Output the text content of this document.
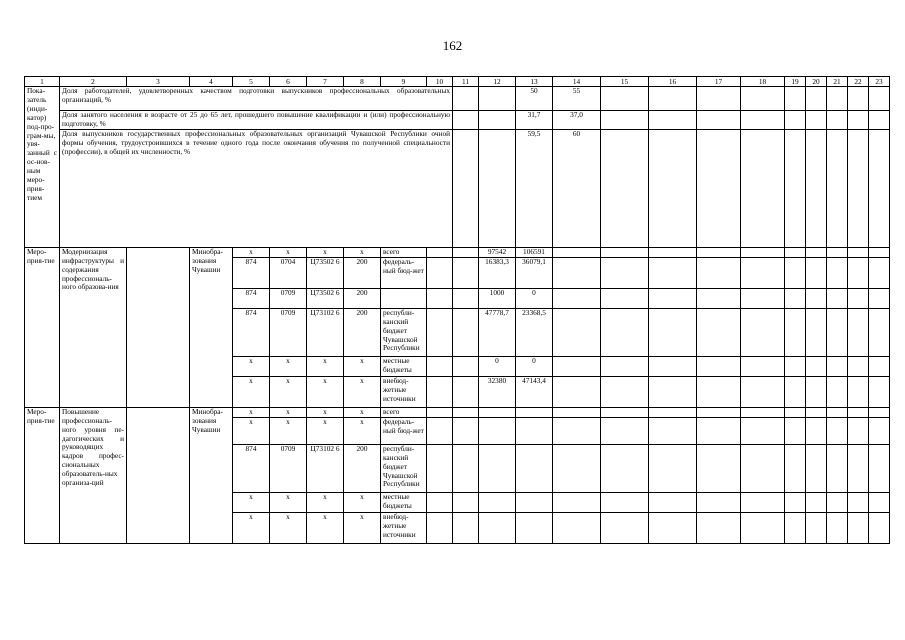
162
1	2	3	4	5	6	7	8	9	10	11	12	13	14	15	16	17	18	19	20	21	22	23	
Пока-затель (инди-катор) под-про-грам-мы, увя-занный с ос-нов-ным меро-прия-тием	Доля работодателей, удовлетворенных качеством подготовки выпускников профессиональных образовательных организаций, %											50	55										
	Доля занятого населения в возрасте от 25 до 65 лет, прошедшего повышение квалификации и (или) профессиональную подготовку, %											31,7	37,0										
	Доля выпускников государственных профессиональных образовательных организаций Чувашской Республики очной формы обучения, трудоустроившихся в течение одного года после окончания обучения по полученной специальности (профессии), в общей их численности, %											59,5	60										
Меро-прия-тие	Модернизация инфраструктуры и содержания профессиональ-ного образова-ния		Минобра-зования Чувашии	х	х	х	х	всего			97542	106591											
				874	0704	Ц73502 6	200	федераль-ный бюд-жет			16383,3	36079,1											
				874	0709	Ц73502 6	200				1000	0											
				874	0709	Ц73102 6	200	республи-канский бюджет Чувашской Республики			47778,7	23368,5											
				х	х	х	х	местные бюджеты			0	0											
				х	х	х	х	внебюд-жетные источники			32380	47143,4											
Меро-прия-тие	Повышение профессиональ-ного уровня пе-дагогических и руководящих кадров профес-сиональных образователь-ных организа-ций		Минобра-зования Чувашии	х	х	х	х	всего															
				х	х	х	х	федераль-ный бюд-жет															
				874	0709	Ц73102 6	200	республи-канский бюджет Чувашской Республики															
				х	х	х	х	местные бюджеты															
				х	х	х	х	внебюд-жетные источники															
